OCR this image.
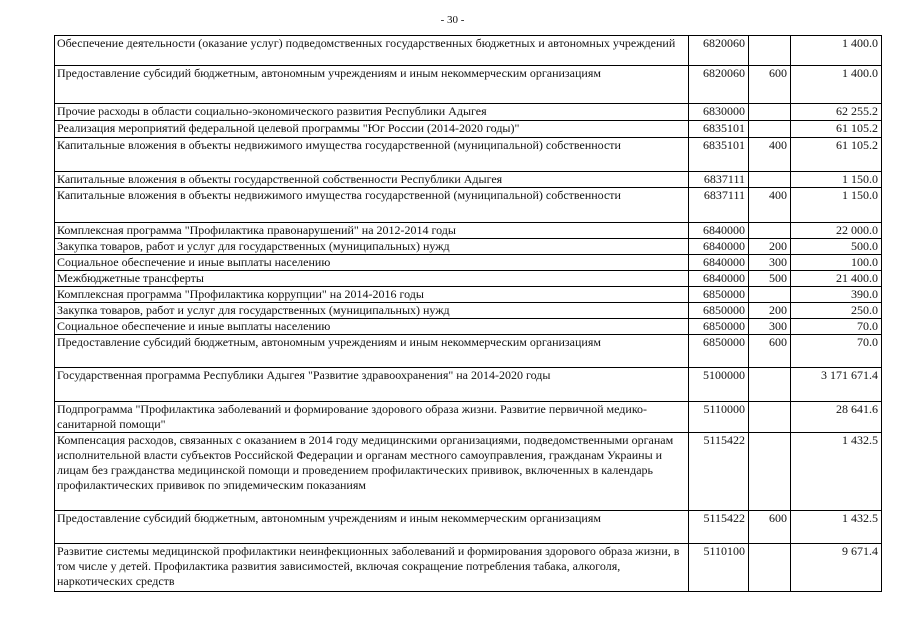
- 30 -
Обеспечение деятельности (оказание услуг) подведомственных государственных бюджетных и автономных учреждений	6820060		1 400.0
Предоставление субсидий бюджетным, автономным учреждениям и иным некоммерческим организациям	6820060	600	1 400.0
Прочие расходы в области социально-экономического развития Республики Адыгея	6830000		62 255.2
Реализация мероприятий федеральной целевой программы "Юг России (2014-2020 годы)"	6835101		61 105.2
Капитальные вложения в объекты недвижимого имущества государственной (муниципальной) собственности	6835101	400	61 105.2
Капитальные вложения в объекты государственной собственности Республики Адыгея	6837111		1 150.0
Капитальные вложения в объекты недвижимого имущества государственной (муниципальной) собственности	6837111	400	1 150.0
Комплексная программа "Профилактика правонарушений" на 2012-2014 годы	6840000		22 000.0
Закупка товаров, работ и услуг для государственных (муниципальных) нужд	6840000	200	500.0
Социальное обеспечение и иные выплаты населению	6840000	300	100.0
Межбюджетные трансферты	6840000	500	21 400.0
Комплексная программа "Профилактика коррупции" на 2014-2016 годы	6850000		390.0
Закупка товаров, работ и услуг для государственных (муниципальных) нужд	6850000	200	250.0
Социальное обеспечение и иные выплаты населению	6850000	300	70.0
Предоставление субсидий бюджетным, автономным учреждениям и иным некоммерческим организациям	6850000	600	70.0
Государственная программа Республики Адыгея "Развитие здравоохранения" на 2014-2020 годы	5100000		3 171 671.4
Подпрограмма "Профилактика заболеваний и формирование здорового образа жизни. Развитие первичной медико-санитарной помощи"	5110000		28 641.6
Компенсация расходов, связанных с оказанием в 2014 году медицинскими организациями, подведомственными органам исполнительной власти субъектов Российской Федерации и органам местного самоуправления, гражданам Украины и лицам без гражданства медицинской помощи и проведением профилактических прививок, включенных в календарь профилактических прививок по эпидемическим показаниям	5115422		1 432.5
Предоставление субсидий бюджетным, автономным учреждениям и иным некоммерческим организациям	5115422	600	1 432.5
Развитие системы медицинской профилактики неинфекционных заболеваний и формирования здорового образа жизни, в том числе у детей. Профилактика развития зависимостей, включая сокращение потребления табака, алкоголя, наркотических средств	5110100		9 671.4
